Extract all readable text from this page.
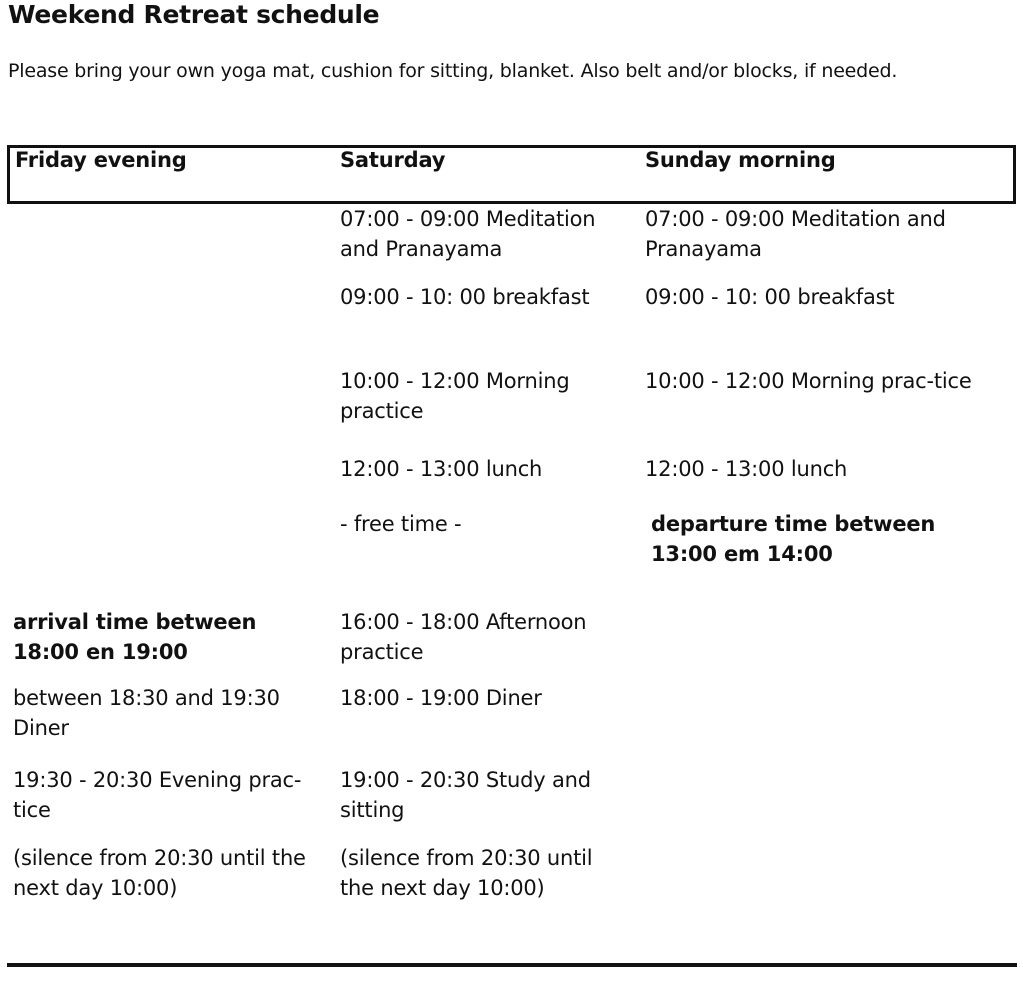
Weekend Retreat schedule
Please bring your own yoga mat, cushion for sitting, blanket. Also belt and/or blocks, if needed.
Friday evening	Saturday	Sunday morning
07:00 - 09:00 Meditation and Pranayama
09:00 - 10: 00 breakfast
10:00 - 12:00 Morning practice
12:00 - 13:00 lunch
- free time -
16:00 - 18:00 Afternoon practice
18:00 - 19:00 Diner
19:00 - 20:30 Study and sitting
(silence from 20:30 until the next day 10:00)
07:00 - 09:00 Meditation and Pranayama
09:00 - 10: 00 breakfast
10:00 - 12:00 Morning prac-tice
12:00 - 13:00 lunch
departure time between 13:00 em 14:00
arrival time between 18:00 en 19:00
between 18:30 and 19:30 Diner
19:30 - 20:30 Evening prac-tice
(silence from 20:30 until the next day 10:00)
